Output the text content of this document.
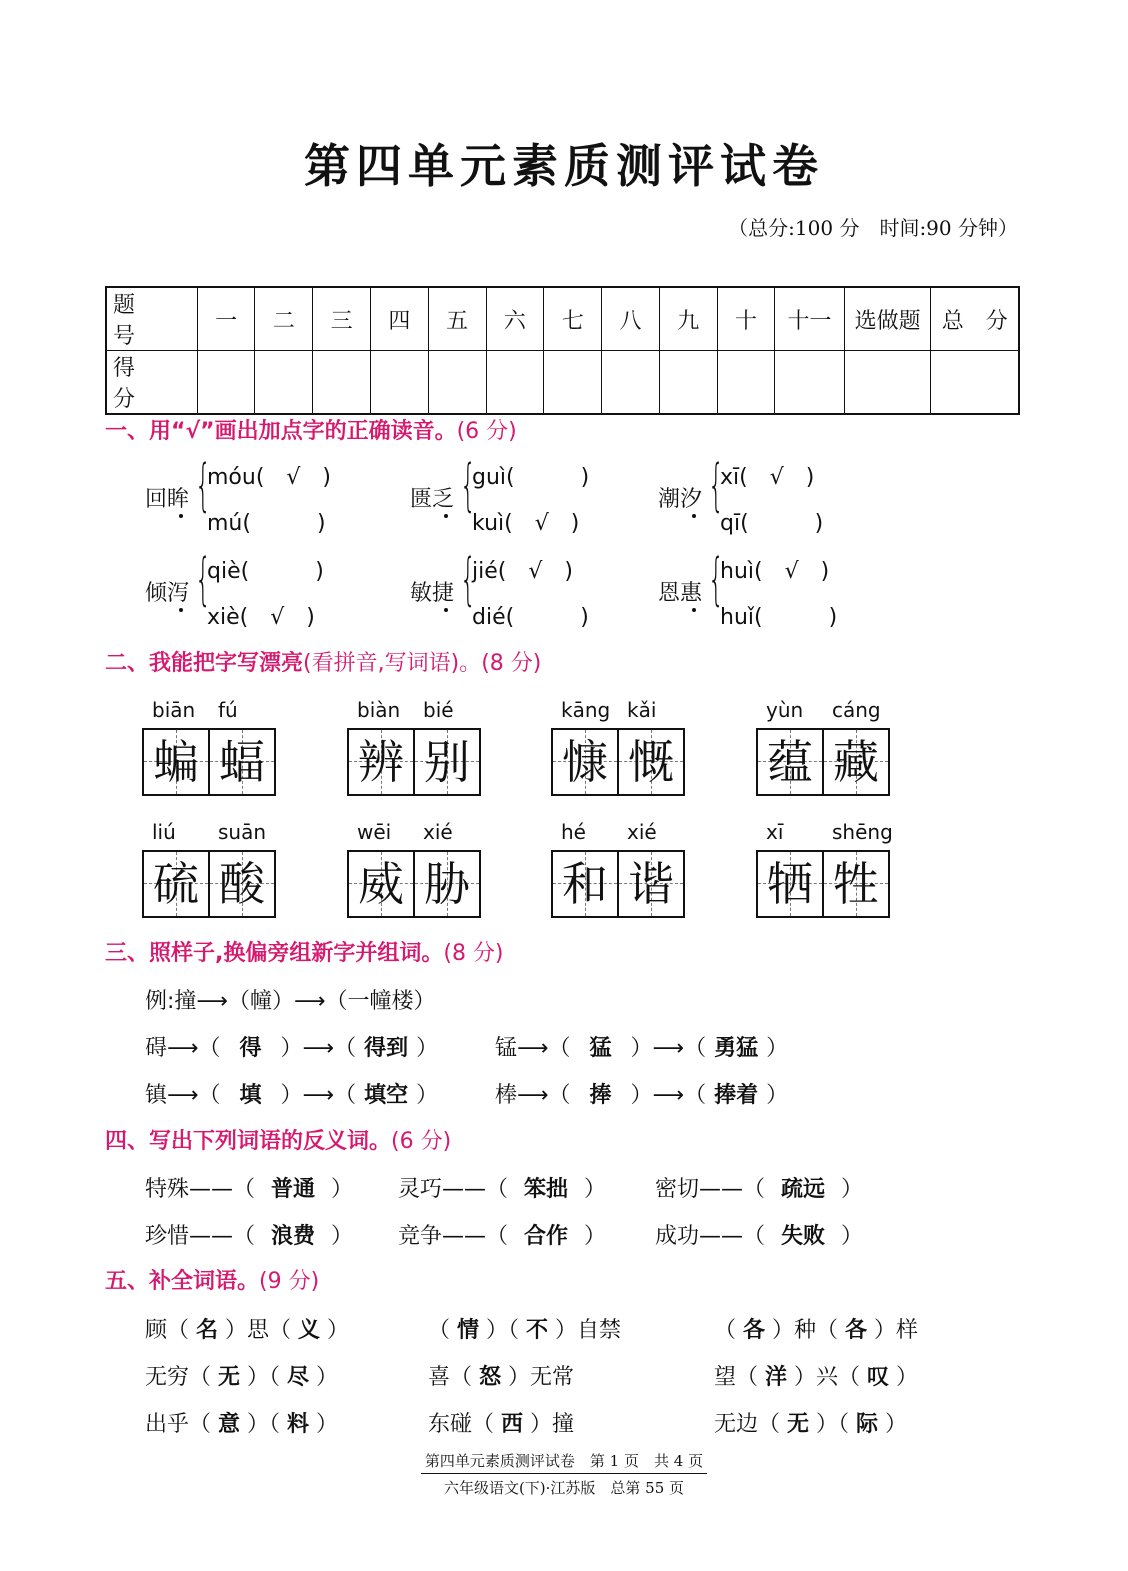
第四单元素质测评试卷
（总分:100 分　时间:90 分钟）
题　号	一	二	三	四	五	六	七	八	九	十	十一	选做题	总　分
得　分													
一、用“√”画出加点字的正确读音。(6 分)
回眸 {
móu(　√　)
mú(　　　)
匮乏 {
guì(　　　)
kuì(　√　)
潮汐 {
xī(　√　)
qī(　　　)
倾泻 {
qiè(　　　)
xiè(　√　)
敏捷 {
jié(　√　)
dié(　　　)
恩惠 {
huì(　√　)
huǐ(　　　)
二、我能把字写漂亮(看拼音,写词语)。(8 分)
biān fú
蝙 蝠
biàn bié
辨 别
kāng kǎi
慷 慨
yùn cáng
蕴 藏
liú suān
硫 酸
wēi xié
威 胁
hé xié
和 谐
xī shēng
牺 牲
三、照样子,换偏旁组新字并组词。(8 分)
例:撞⟶（幢）⟶（一幢楼）
碍⟶（ 得 ）⟶（ 得到 ）	锰⟶（ 猛 ）⟶（ 勇猛 ）
镇⟶（ 填 ）⟶（ 填空 ）	棒⟶（ 捧 ）⟶（ 捧着 ）
四、写出下列词语的反义词。(6 分)
特殊——（ 普通 ） 灵巧——（ 笨拙 ） 密切——（ 疏远 ）
珍惜——（ 浪费 ） 竞争——（ 合作 ） 成功——（ 失败 ）
五、补全词语。(9 分)
顾（ 名 ）思（ 义 ）	（ 情 ）（ 不 ）自禁	（ 各 ）种（ 各 ）样
无穷（ 无 ）（ 尽 ）	喜（ 怒 ）无常	望（ 洋 ）兴（ 叹 ）
出乎（ 意 ）（ 料 ）	东碰（ 西 ）撞	无边（ 无 ）（ 际 ）
第四单元素质测评试卷　第 1 页　共 4 页
六年级语文(下)·江苏版　总第 55 页
